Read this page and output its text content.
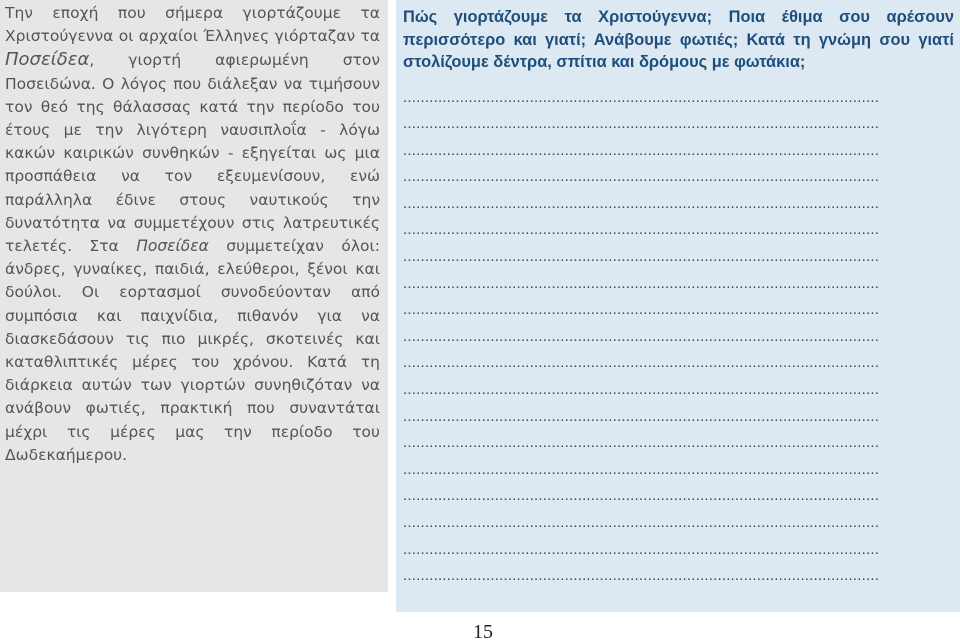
Την εποχή που σήμερα γιορτάζουμε τα Χριστούγεννα οι αρχαίοι Έλληνες γιόρταζαν τα Ποσείδεα, γιορτή αφιερωμένη στον Ποσειδώνα. Ο λόγος που διάλεξαν να τιμήσουν τον θεό της θάλασσας κατά την περίοδο του έτους με την λιγότερη ναυσιπλοΐα - λόγω κακών καιρικών συνθηκών - εξηγείται ως μια προσπάθεια να τον εξευμενίσουν, ενώ παράλληλα έδινε στους ναυτικούς την δυνατότητα να συμμετέχουν στις λατρευτικές τελετές. Στα Ποσείδεα συμμετείχαν όλοι: άνδρες, γυναίκες, παιδιά, ελεύθεροι, ξένοι και δούλοι. Οι εορτασμοί συνοδεύονταν από συμπόσια και παιχνίδια, πιθανόν για να διασκεδάσουν τις πιο μικρές, σκοτεινές και καταθλιπτικές μέρες του χρόνου. Κατά τη διάρκεια αυτών των γιορτών συνηθιζόταν να ανάβουν φωτιές, πρακτική που συναντάται μέχρι τις μέρες μας την περίοδο του Δωδεκαήμερου.

Πώς γιορτάζουμε τα Χριστούγεννα; Ποια έθιμα σου αρέσουν περισσότερο και γιατί; Ανάβουμε φωτιές; Κατά τη γνώμη σου γιατί στολίζουμε δέντρα, σπίτια και δρόμους με φωτάκια;

.............................................................................................................
.............................................................................................................
.............................................................................................................
.............................................................................................................
.............................................................................................................
.............................................................................................................
.............................................................................................................
.............................................................................................................
.............................................................................................................
.............................................................................................................
.............................................................................................................
.............................................................................................................
.............................................................................................................
.............................................................................................................
.............................................................................................................
.............................................................................................................
.............................................................................................................
.............................................................................................................
.............................................................................................................
15
